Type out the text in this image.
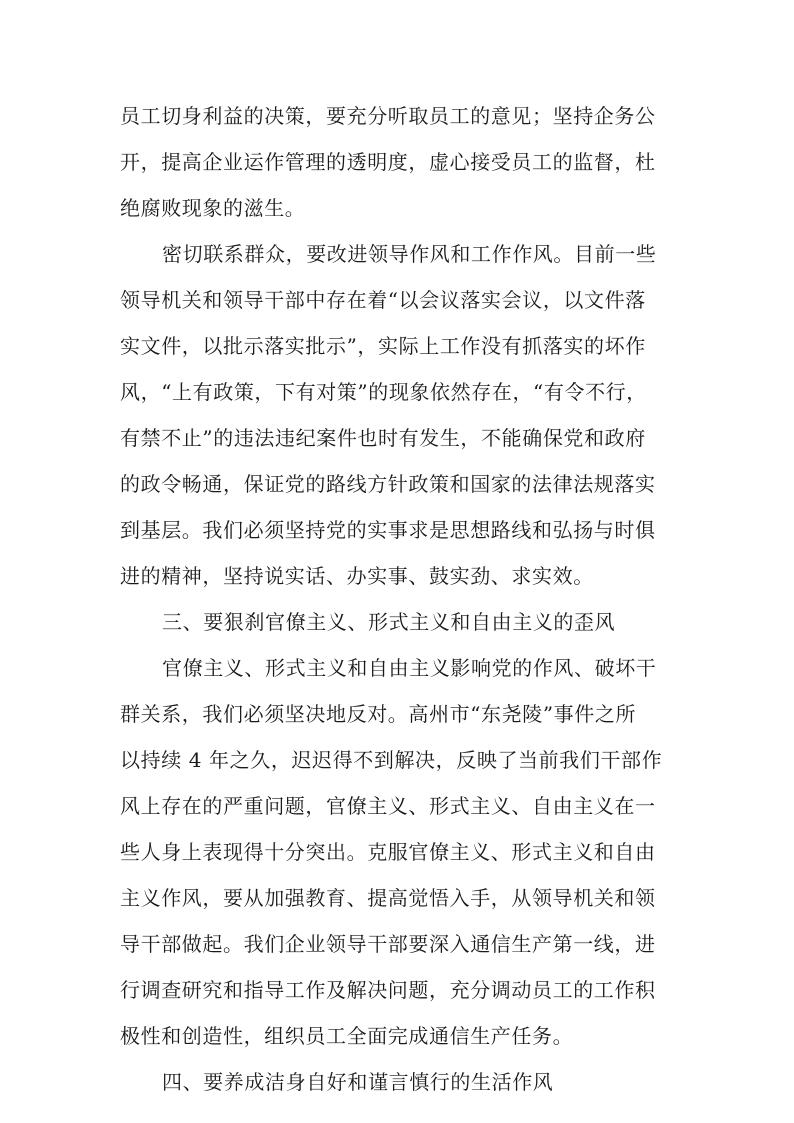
员工切身利益的决策，要充分听取员工的意见；坚持企务公
开，提高企业运作管理的透明度，虚心接受员工的监督，杜
绝腐败现象的滋生。
密切联系群众，要改进领导作风和工作作风。目前一些
领导机关和领导干部中存在着“以会议落实会议，以文件落
实文件，以批示落实批示”，实际上工作没有抓落实的坏作
风，“上有政策，下有对策”的现象依然存在，“有令不行，
有禁不止”的违法违纪案件也时有发生，不能确保党和政府
的政令畅通，保证党的路线方针政策和国家的法律法规落实
到基层。我们必须坚持党的实事求是思想路线和弘扬与时俱
进的精神，坚持说实话、办实事、鼓实劲、求实效。
三、要狠刹官僚主义、形式主义和自由主义的歪风
官僚主义、形式主义和自由主义影响党的作风、破坏干
群关系，我们必须坚决地反对。高州市“东尧陵”事件之所
以持续 4 年之久，迟迟得不到解决，反映了当前我们干部作
风上存在的严重问题，官僚主义、形式主义、自由主义在一
些人身上表现得十分突出。克服官僚主义、形式主义和自由
主义作风，要从加强教育、提高觉悟入手，从领导机关和领
导干部做起。我们企业领导干部要深入通信生产第一线，进
行调查研究和指导工作及解决问题，充分调动员工的工作积
极性和创造性，组织员工全面完成通信生产任务。
四、要养成洁身自好和谨言慎行的生活作风
